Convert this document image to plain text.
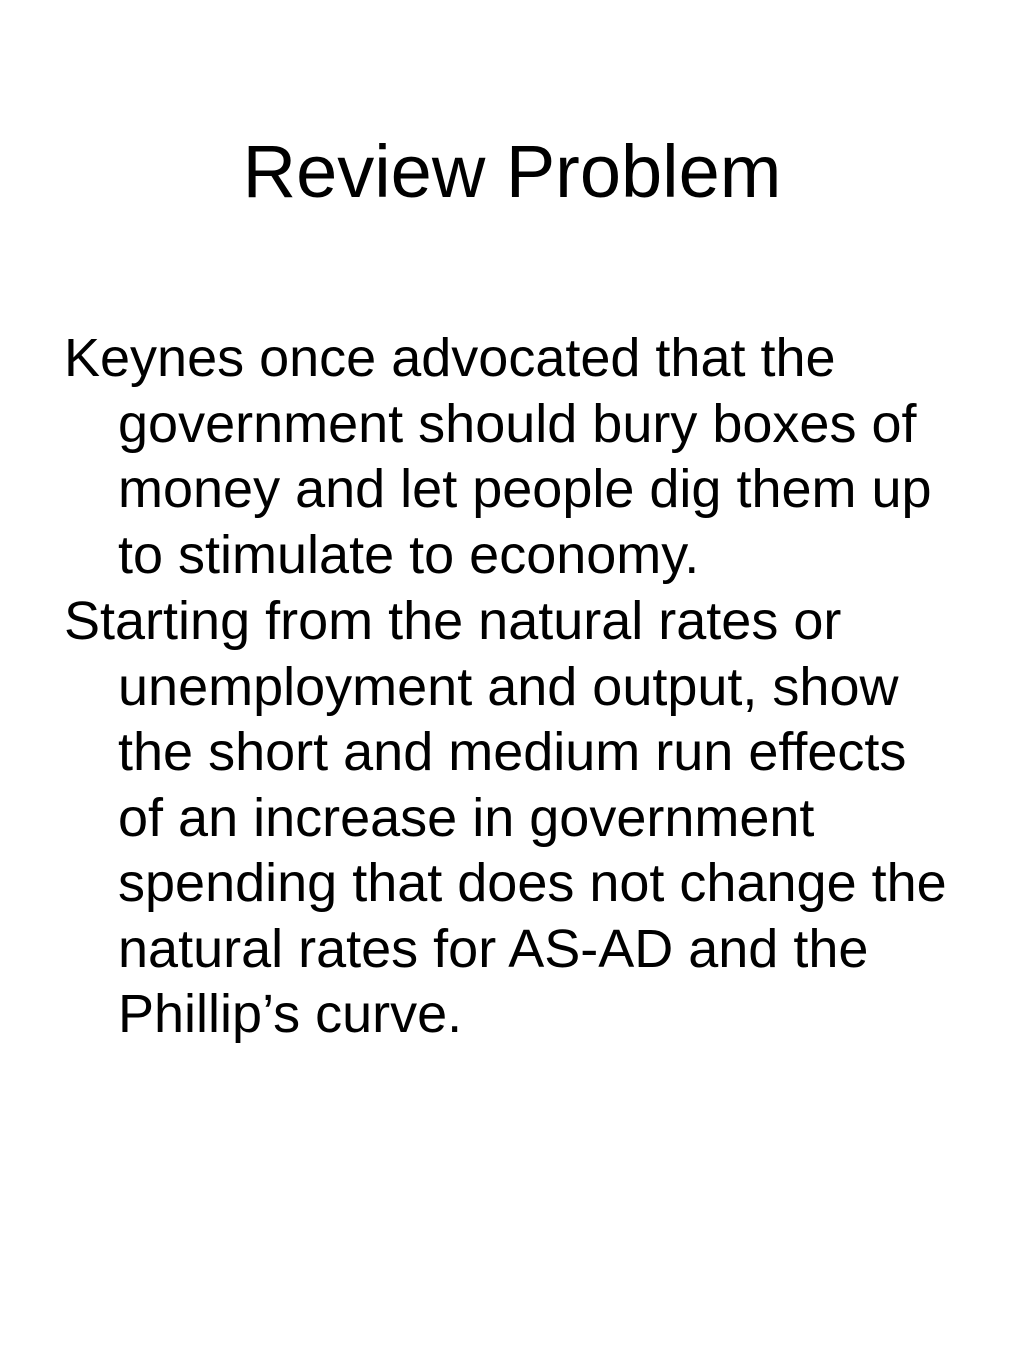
Review Problem
Keynes once advocated that the government should bury boxes of money and let people dig them up to stimulate to economy.
Starting from the natural rates or unemployment and output, show the short and medium run effects of an increase in government spending that does not change the natural rates for AS-AD and the Phillip’s curve.
